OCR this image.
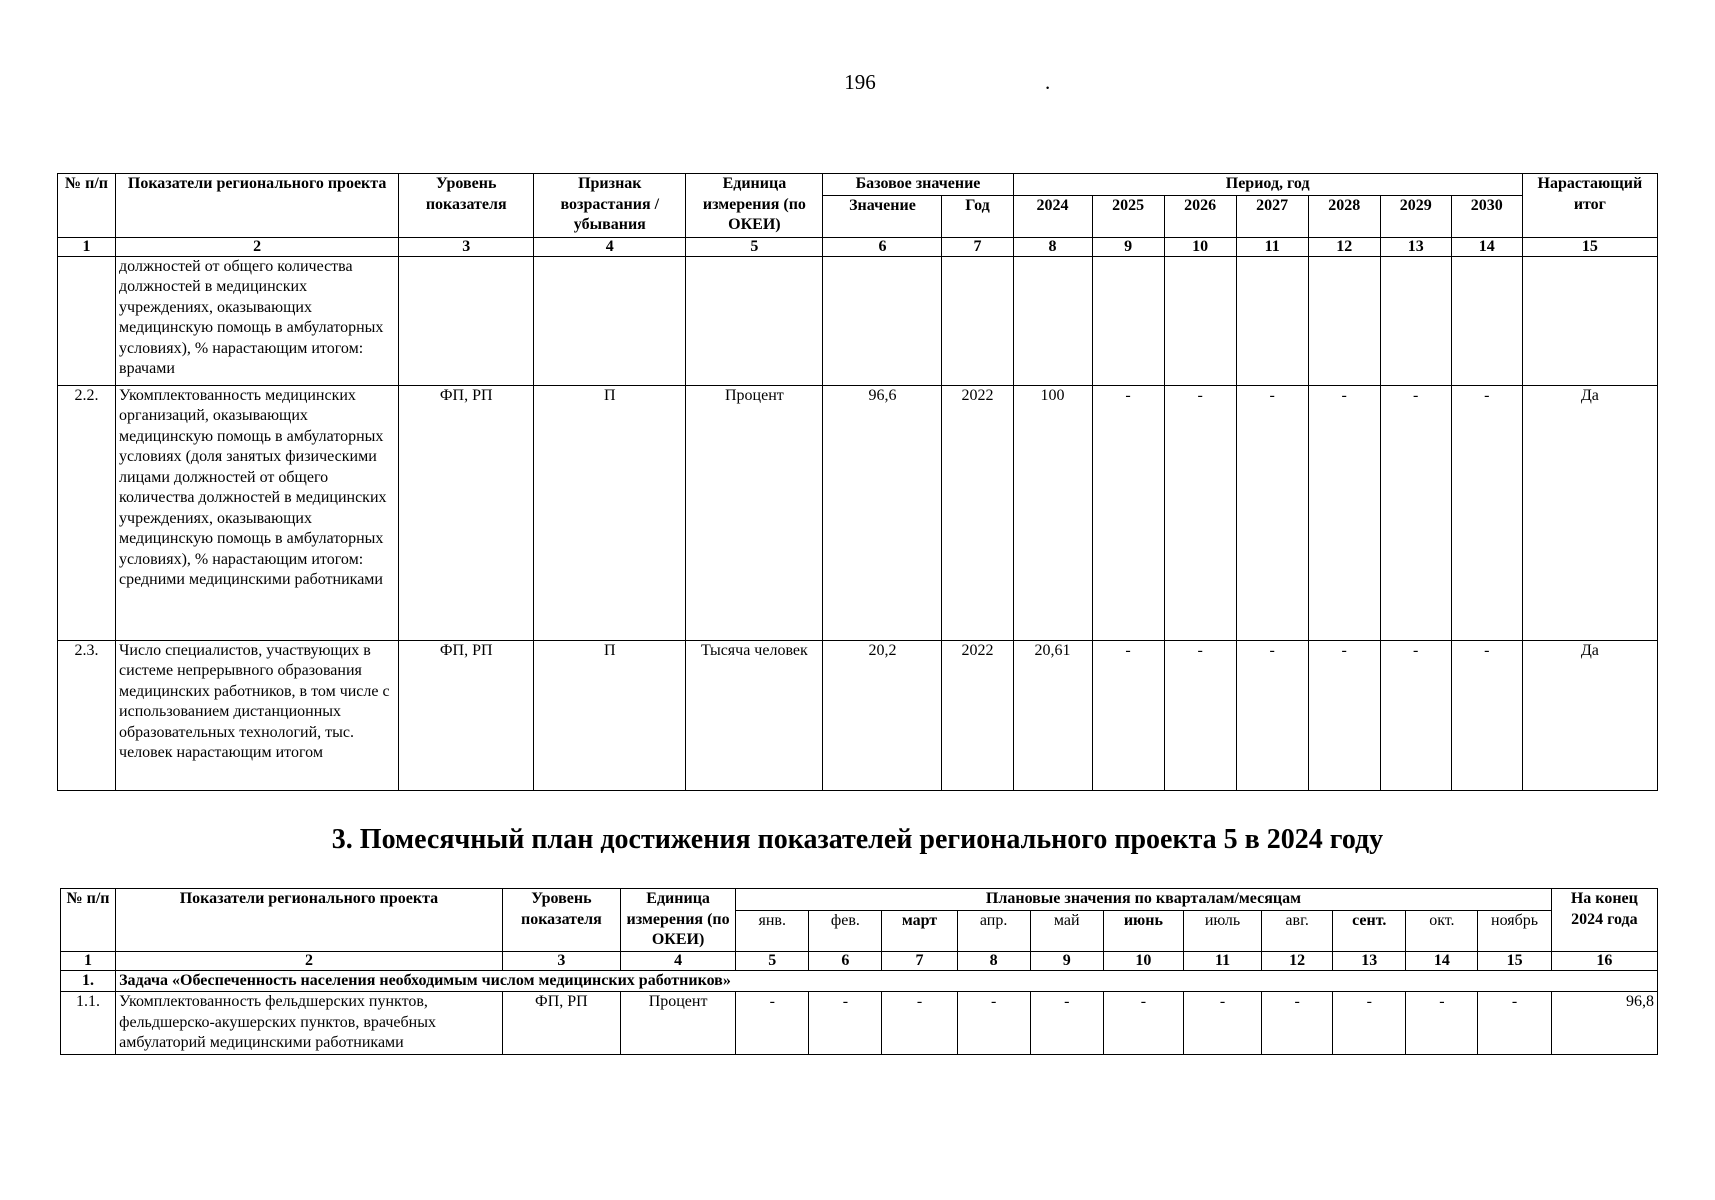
196	.
№ п/п	Показатели регионального проекта	Уровень показателя	Признак возрастания / убывания	Единица измерения (по ОКЕИ)	Базовое значение		Период, год							Нарастающий итог
					Значение	Год	2024	2025	2026	2027	2028	2029	2030	
1	2	3	4	5	6	7	8	9	10	11	12	13	14	15
	должностей от общего количества должностей в медицинских учреждениях, оказывающих медицинскую помощь в амбулаторных условиях), % нарастающим итогом: врачами													
2.2.	Укомплектованность медицинских организаций, оказывающих медицинскую помощь в амбулаторных условиях (доля занятых физическими лицами должностей от общего количества должностей в медицинских учреждениях, оказывающих медицинскую помощь в амбулаторных условиях), % нарастающим итогом: средними медицинскими работниками	ФП, РП	П	Процент	96,6	2022	100	-	-	-	-	-	-	Да
2.3.	Число специалистов, участвующих в системе непрерывного образования медицинских работников, в том числе с использованием дистанционных образовательных технологий, тыс. человек нарастающим итогом	ФП, РП	П	Тысяча человек	20,2	2022	20,61	-	-	-	-	-	-	Да
3. Помесячный план достижения показателей регионального проекта 5 в 2024 году
№ п/п	Показатели регионального проекта	Уровень показателя	Единица измерения (по ОКЕИ)	Плановые значения по кварталам/месяцам											На конец 2024 года
				янв.	фев.	март	апр.	май	июнь	июль	авг.	сент.	окт.	ноябрь	
1	2	3	4	5	6	7	8	9	10	11	12	13	14	15	16
1.	Задача «Обеспеченность населения необходимым числом медицинских работников»														
1.1.	Укомплектованность фельдшерских пунктов, фельдшерско-акушерских пунктов, врачебных амбулаторий медицинскими работниками	ФП, РП	Процент	-	-	-	-	-	-	-	-	-	-	-	96,8
